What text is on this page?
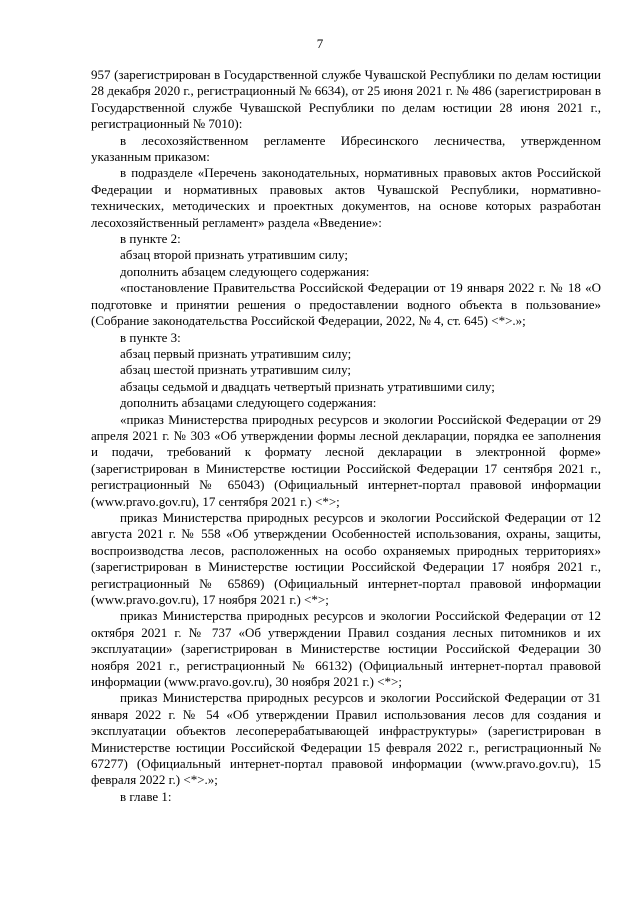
7

957 (зарегистрирован в Государственной службе Чувашской Республики по делам юстиции 28 декабря 2020 г., регистрационный № 6634), от 25 июня 2021 г. № 486 (зарегистрирован в Государственной службе Чувашской Республики по делам юстиции 28 июня 2021 г., регистрационный № 7010):

в лесохозяйственном регламенте Ибресинского лесничества, утвержденном указанным приказом:

в подразделе «Перечень законодательных, нормативных правовых актов Российской Федерации и нормативных правовых актов Чувашской Республики, нормативно-технических, методических и проектных документов, на основе которых разработан лесохозяйственный регламент» раздела «Введение»:

в пункте 2:

абзац второй признать утратившим силу;

дополнить абзацем следующего содержания:

«постановление Правительства Российской Федерации от 19 января 2022 г. № 18 «О подготовке и принятии решения о предоставлении водного объекта в пользование» (Собрание законодательства Российской Федерации, 2022, № 4, ст. 645) <*>.»;

в пункте 3:

абзац первый признать утратившим силу;

абзац шестой признать утратившим силу;

абзацы седьмой и двадцать четвертый признать утратившими силу;

дополнить абзацами следующего содержания:

«приказ Министерства природных ресурсов и экологии Российской Федерации от 29 апреля 2021 г. № 303 «Об утверждении формы лесной декларации, порядка ее заполнения и подачи, требований к формату лесной декларации в электронной форме» (зарегистрирован в Министерстве юстиции Российской Федерации 17 сентября 2021 г., регистрационный № 65043) (Официальный интернет-портал правовой информации (www.pravo.gov.ru), 17 сентября 2021 г.) <*>;

приказ Министерства природных ресурсов и экологии Российской Федерации от 12 августа 2021 г. № 558 «Об утверждении Особенностей использования, охраны, защиты, воспроизводства лесов, расположенных на особо охраняемых природных территориях» (зарегистрирован в Министерстве юстиции Российской Федерации 17 ноября 2021 г., регистрационный № 65869) (Официальный интернет-портал правовой информации (www.pravo.gov.ru), 17 ноября 2021 г.) <*>;

приказ Министерства природных ресурсов и экологии Российской Федерации от 12 октября 2021 г. № 737 «Об утверждении Правил создания лесных питомников и их эксплуатации» (зарегистрирован в Министерстве юстиции Российской Федерации 30 ноября 2021 г., регистрационный № 66132) (Официальный интернет-портал правовой информации (www.pravo.gov.ru), 30 ноября 2021 г.) <*>;

приказ Министерства природных ресурсов и экологии Российской Федерации от 31 января 2022 г. № 54 «Об утверждении Правил использования лесов для создания и эксплуатации объектов лесоперерабатывающей инфраструктуры» (зарегистрирован в Министерстве юстиции Российской Федерации 15 февраля 2022 г., регистрационный № 67277) (Официальный интернет-портал правовой информации (www.pravo.gov.ru), 15 февраля 2022 г.) <*>.»;

в главе 1:
